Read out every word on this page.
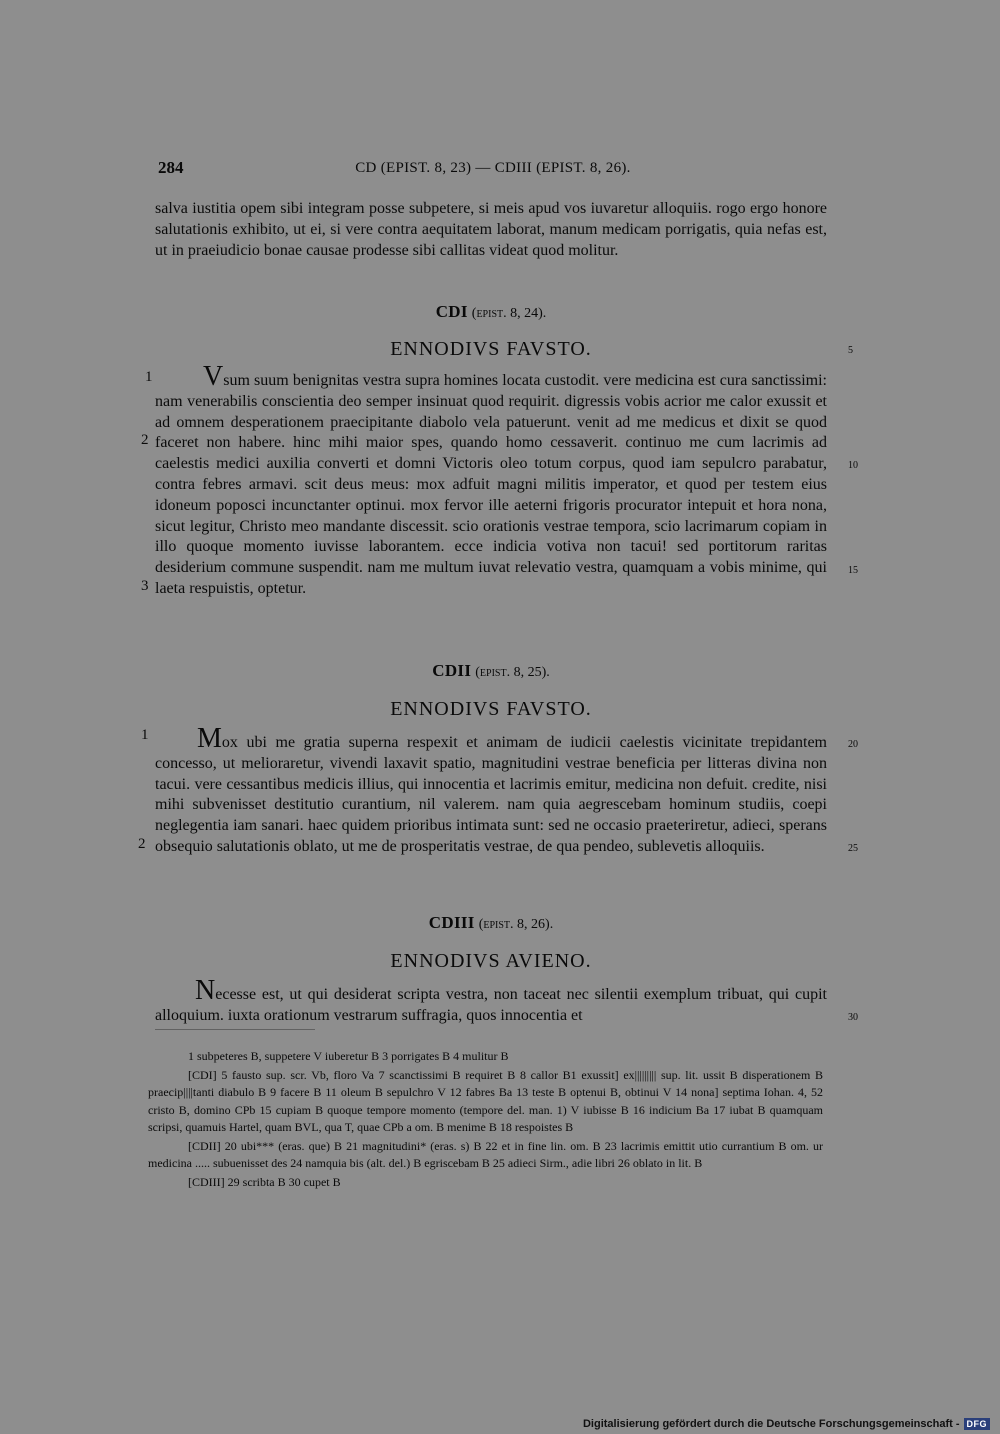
284	CD (EPIST. 8, 23) — CDIII (EPIST. 8, 26).

salva iustitia opem sibi integram posse subpetere, si meis apud vos iuvaretur alloquiis. rogo ergo honore salutationis exhibito, ut ei, si vere contra aequitatem laborat, manum medicam porrigatis, quia nefas est, ut in praeiudicio bonae causae prodesse sibi callitas videat quod molitur.

CDI (epist. 8, 24).
ENNODIVS FAVSTO.

Vsum suum benignitas vestra supra homines locata custodit. vere medicina est cura sanctissimi: nam venerabilis conscientia deo semper insinuat quod requirit. digressis vobis acrior me calor exussit et ad omnem desperationem praecipitante diabolo vela patuerunt. venit ad me medicus et dixit se quod faceret non habere. hinc mihi maior spes, quando homo cessaverit. continuo me cum lacrimis ad caelestis medici auxilia converti et domni Victoris oleo totum corpus, quod iam sepulcro parabatur, contra febres armavi. scit deus meus: mox adfuit magni militis imperator, et quod per testem eius idoneum poposci incunctanter optinui. mox fervor ille aeterni frigoris procurator intepuit et hora nona, sicut legitur, Christo meo mandante discessit. scio orationis vestrae tempora, scio lacrimarum copiam in illo quoque momento iuvisse laborantem. ecce indicia votiva non tacui! sed portitorum raritas desiderium commune suspendit. nam me multum iuvat relevatio vestra, quamquam a vobis minime, qui laeta respuistis, optetur.

CDII (epist. 8, 25).
ENNODIVS FAVSTO.

Mox ubi me gratia superna respexit et animam de iudicii caelestis vicinitate trepidantem concesso, ut melioraretur, vivendi laxavit spatio, magnitudini vestrae beneficia per litteras divina non tacui. vere cessantibus medicis illius, qui innocentia et lacrimis emitur, medicina non defuit. credite, nisi mihi subvenisset destitutio curantium, nil valerem. nam quia aegrescebam hominum studiis, coepi neglegentia iam sanari. haec quidem prioribus intimata sunt: sed ne occasio praeteriretur, adieci, sperans obsequio salutationis oblato, ut me de prosperitatis vestrae, de qua pendeo, sublevetis alloquiis.

CDIII (epist. 8, 26).
ENNODIVS AVIENO.

Necesse est, ut qui desiderat scripta vestra, non taceat nec silentii exemplum tribuat, qui cupit alloquium. iuxta orationum vestrarum suffragia, quos innocentia et

1
2
3
1
2
5
10
15
20
25
30

1 subpeteres B, suppetere V iuberetur B 3 porrigates B 4 mulitur B

[CDI] 5 fausto sup. scr. Vb, floro Va 7 scanctissimi B requiret B 8 callor B1 exussit] ex||||||||| sup. lit. ussit B disperationem B praecip||||tanti diabulo B 9 facere B 11 oleum B sepulchro V 12 fabres Ba 13 teste B optenui B, obtinui V 14 nona] septima Iohan. 4, 52 cristo B, domino CPb 15 cupiam B quoque tempore momento (tempore del. man. 1) V iubisse B 16 indicium Ba 17 iubat B quamquam scripsi, quamuis Hartel, quam BVL, qua T, quae CPb a om. B menime B 18 respoistes B

[CDII] 20 ubi*** (eras. que) B 21 magnitudini* (eras. s) B 22 et in fine lin. om. B 23 lacrimis emittit utio currantium B om. ur medicina ..... subuenisset des 24 namquia bis (alt. del.) B egriscebam B 25 adieci Sirm., adie libri 26 oblato in lit. B

[CDIII] 29 scribta B 30 cupet B

Digitalisierung gefördert durch die Deutsche Forschungsgemeinschaft - DFG
